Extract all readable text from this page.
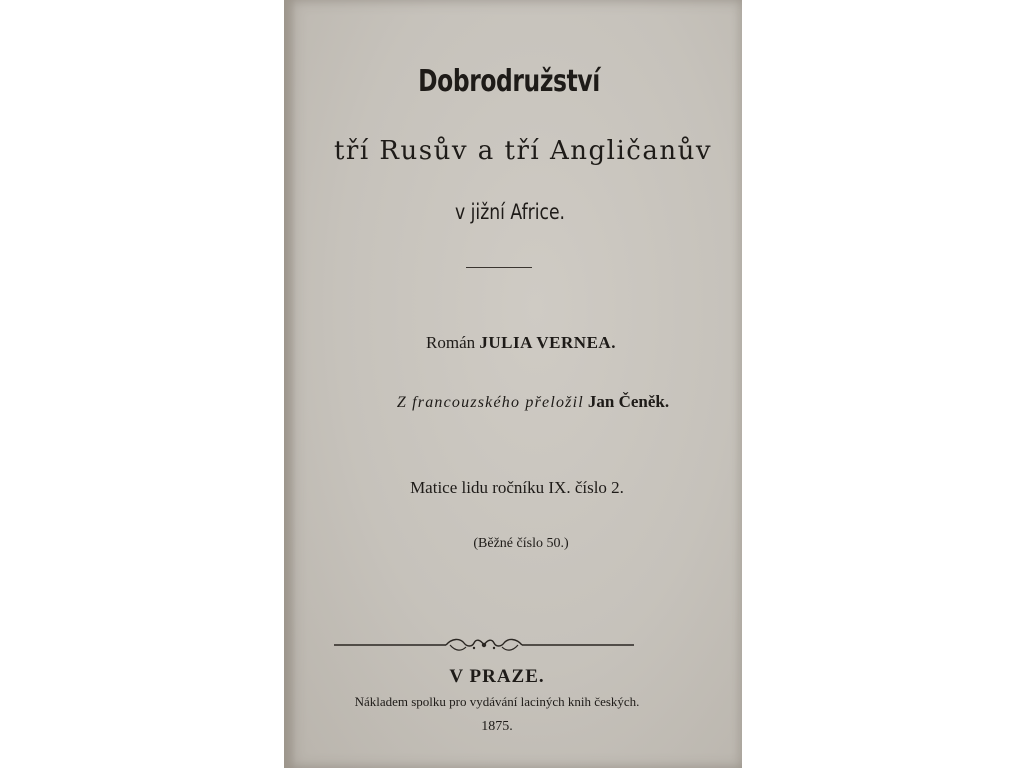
Dobrodružství
tří Rusův a tří Angličanův
v jižní Africe.
Román JULIA VERNEA.
Z francouzského přeložil Jan Čeněk.
Matice lidu ročníku IX. číslo 2.
(Běžné číslo 50.)
V PRAZE.
Nákladem spolku pro vydávání laciných knih českých.
1875.
